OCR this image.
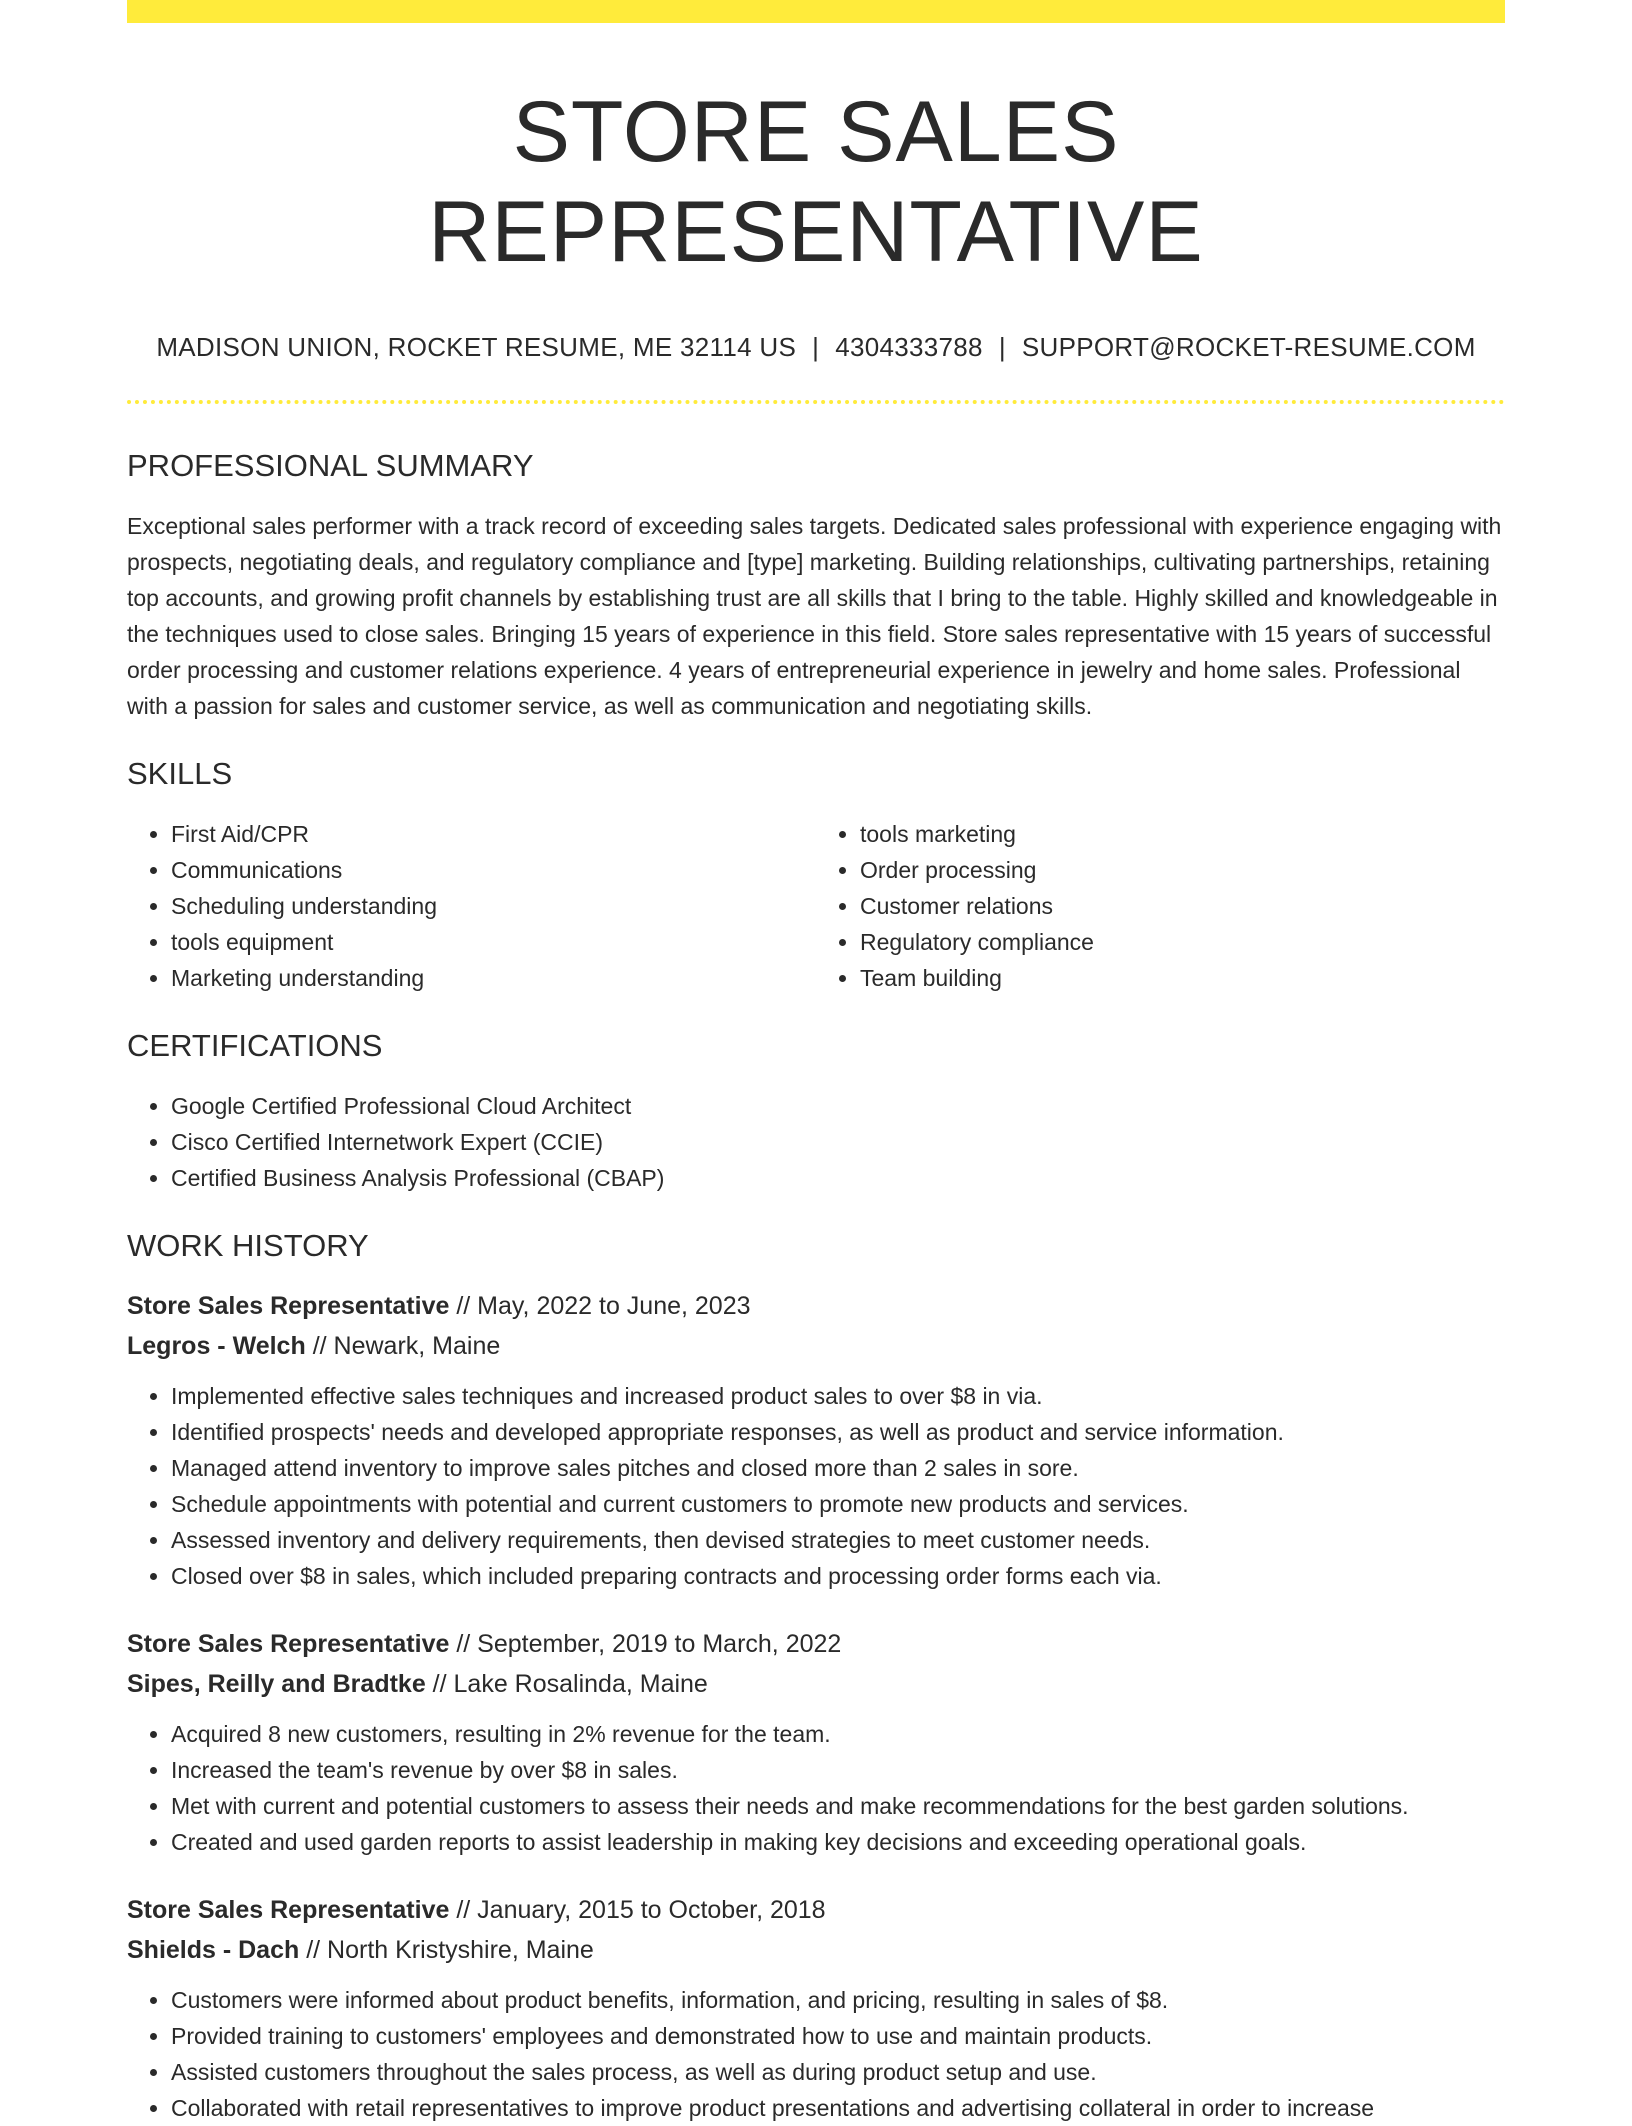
STORE SALES REPRESENTATIVE
MADISON UNION, ROCKET RESUME, ME 32114 US | 4304333788 | SUPPORT@ROCKET-RESUME.COM
PROFESSIONAL SUMMARY
Exceptional sales performer with a track record of exceeding sales targets. Dedicated sales professional with experience engaging with prospects, negotiating deals, and regulatory compliance and [type] marketing. Building relationships, cultivating partnerships, retaining top accounts, and growing profit channels by establishing trust are all skills that I bring to the table. Highly skilled and knowledgeable in the techniques used to close sales. Bringing 15 years of experience in this field. Store sales representative with 15 years of successful order processing and customer relations experience. 4 years of entrepreneurial experience in jewelry and home sales. Professional with a passion for sales and customer service, as well as communication and negotiating skills.
SKILLS
• First Aid/CPR
• Communications
• Scheduling understanding
• tools equipment
• Marketing understanding
• tools marketing
• Order processing
• Customer relations
• Regulatory compliance
• Team building
CERTIFICATIONS
• Google Certified Professional Cloud Architect
• Cisco Certified Internetwork Expert (CCIE)
• Certified Business Analysis Professional (CBAP)
WORK HISTORY
Store Sales Representative // May, 2022 to June, 2023
Legros - Welch // Newark, Maine
• Implemented effective sales techniques and increased product sales to over $8 in via.
• Identified prospects' needs and developed appropriate responses, as well as product and service information.
• Managed attend inventory to improve sales pitches and closed more than 2 sales in sore.
• Schedule appointments with potential and current customers to promote new products and services.
• Assessed inventory and delivery requirements, then devised strategies to meet customer needs.
• Closed over $8 in sales, which included preparing contracts and processing order forms each via.
Store Sales Representative // September, 2019 to March, 2022
Sipes, Reilly and Bradtke // Lake Rosalinda, Maine
• Acquired 8 new customers, resulting in 2% revenue for the team.
• Increased the team's revenue by over $8 in sales.
• Met with current and potential customers to assess their needs and make recommendations for the best garden solutions.
• Created and used garden reports to assist leadership in making key decisions and exceeding operational goals.
Store Sales Representative // January, 2015 to October, 2018
Shields - Dach // North Kristyshire, Maine
• Customers were informed about product benefits, information, and pricing, resulting in sales of $8.
• Provided training to customers' employees and demonstrated how to use and maintain products.
• Assisted customers throughout the sales process, as well as during product setup and use.
• Collaborated with retail representatives to improve product presentations and advertising collateral in order to increase
